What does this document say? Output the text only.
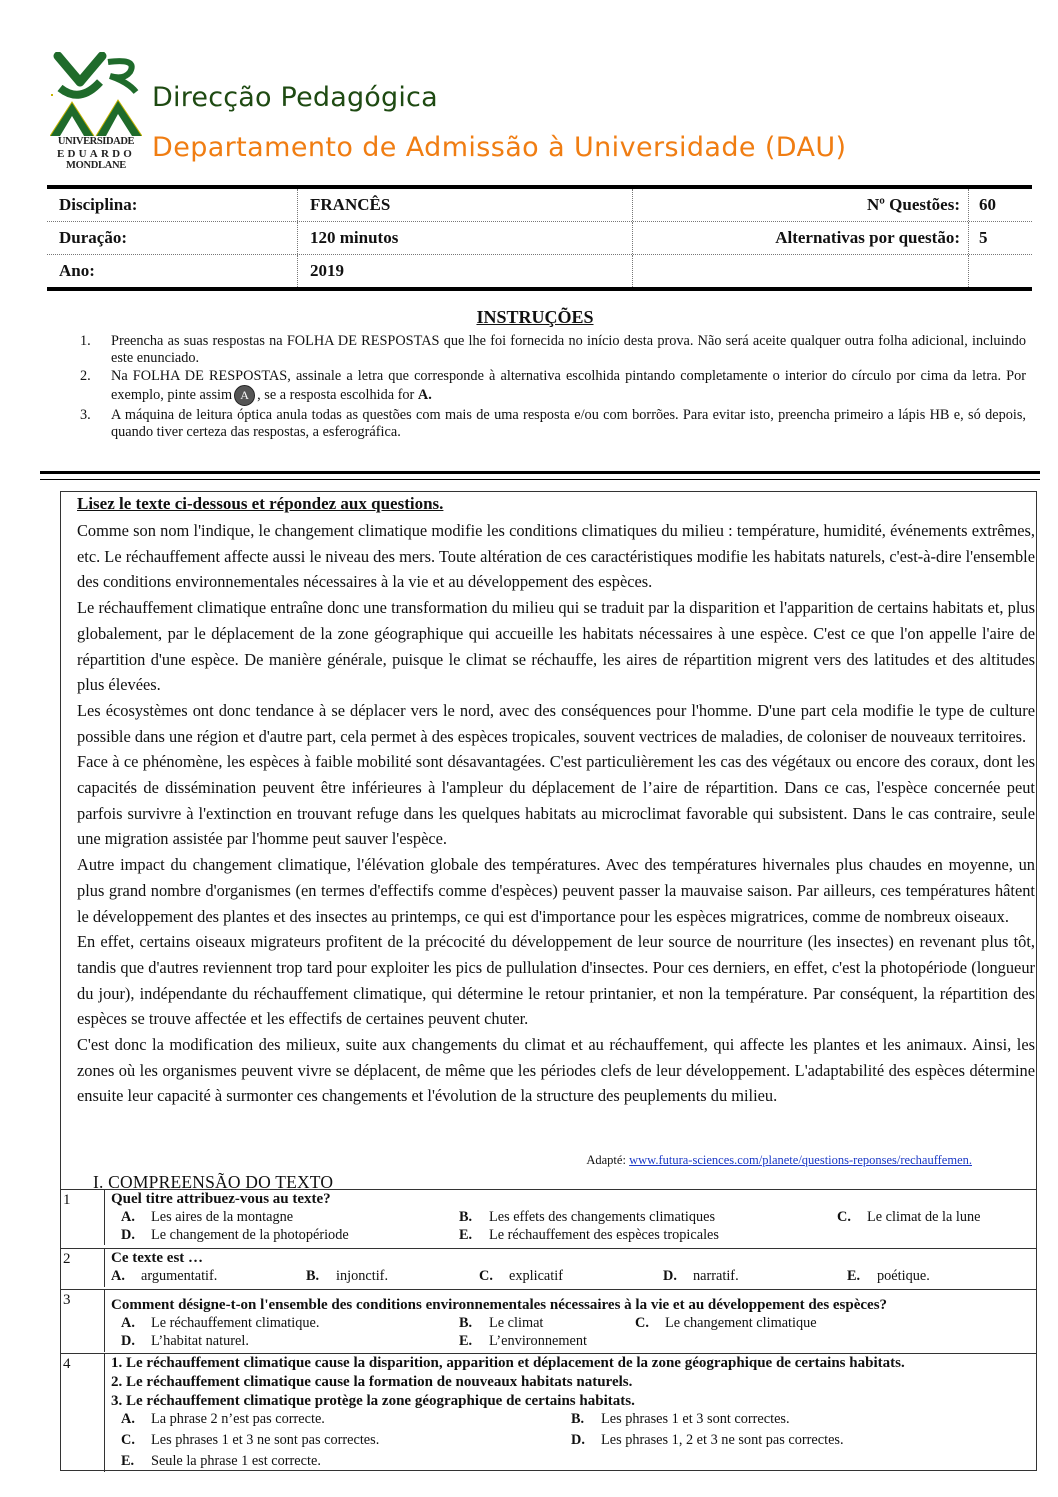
UNIVERSIDADE
EDUARDO
MONDLANE
Direcção Pedagógica
Departamento de Admissão à Universidade (DAU)
Disciplina:	FRANCÊS	Nº Questões:	60
Duração:	120 minutos	Alternativas por questão:	5
Ano:	2019
INSTRUÇÕES
1.	Preencha as suas respostas na FOLHA DE RESPOSTAS que lhe foi fornecida no início desta prova. Não será aceite qualquer outra folha adicional, incluindo este enunciado.
2.	Na FOLHA DE RESPOSTAS, assinale a letra que corresponde à alternativa escolhida pintando completamente o interior do círculo por cima da letra. Por exemplo, pinte assim A , se a resposta escolhida for A.
3.	A máquina de leitura óptica anula todas as questões com mais de uma resposta e/ou com borrões. Para evitar isto, preencha primeiro a lápis HB e, só depois, quando tiver certeza das respostas, a esferográfica.
Lisez le texte ci-dessous et répondez aux questions.

Comme son nom l'indique, le changement climatique modifie les conditions climatiques du milieu : température, humidité, événements extrêmes, etc. Le réchauffement affecte aussi le niveau des mers. Toute altération de ces caractéristiques modifie les habitats naturels, c'est-à-dire l'ensemble des conditions environnementales nécessaires à la vie et au développement des espèces.

Le réchauffement climatique entraîne donc une transformation du milieu qui se traduit par la disparition et l'apparition de certains habitats et, plus globalement, par le déplacement de la zone géographique qui accueille les habitats nécessaires à une espèce. C'est ce que l'on appelle l'aire de répartition d'une espèce. De manière générale, puisque le climat se réchauffe, les aires de répartition migrent vers des latitudes et des altitudes plus élevées.

Les écosystèmes ont donc tendance à se déplacer vers le nord, avec des conséquences pour l'homme. D'une part cela modifie le type de culture possible dans une région et d'autre part, cela permet à des espèces tropicales, souvent vectrices de maladies, de coloniser de nouveaux territoires.

Face à ce phénomène, les espèces à faible mobilité sont désavantagées. C'est particulièrement les cas des végétaux ou encore des coraux, dont les capacités de dissémination peuvent être inférieures à l'ampleur du déplacement de l’aire de répartition. Dans ce cas, l'espèce concernée peut parfois survivre à l'extinction en trouvant refuge dans les quelques habitats au microclimat favorable qui subsistent. Dans le cas contraire, seule une migration assistée par l'homme peut sauver l'espèce.

Autre impact du changement climatique, l'élévation globale des températures. Avec des températures hivernales plus chaudes en moyenne, un plus grand nombre d'organismes (en termes d'effectifs comme d'espèces) peuvent passer la mauvaise saison. Par ailleurs, ces températures hâtent le développement des plantes et des insectes au printemps, ce qui est d'importance pour les espèces migratrices, comme de nombreux oiseaux.

En effet, certains oiseaux migrateurs profitent de la précocité du développement de leur source de nourriture (les insectes) en revenant plus tôt, tandis que d'autres reviennent trop tard pour exploiter les pics de pullulation d'insectes. Pour ces derniers, en effet, c'est la photopériode (longueur du jour), indépendante du réchauffement climatique, qui détermine le retour printanier, et non la température. Par conséquent, la répartition des espèces se trouve affectée et les effectifs de certaines peuvent chuter.

C'est donc la modification des milieux, suite aux changements du climat et au réchauffement, qui affecte les plantes et les animaux. Ainsi, les zones où les organismes peuvent vivre se déplacent, de même que les périodes clefs de leur développement. L'adaptabilité des espèces détermine ensuite leur capacité à surmonter ces changements et l'évolution de la structure des peuplements du milieu.

Adapté: www.futura-sciences.com/planete/questions-reponses/rechauffemen.
I. COMPREENSÃO DO TEXTO
1	Quel titre attribuez-vous au texte?
A. Les aires de la montagne	B. Les effets des changements climatiques	C. Le climat de la lune
D. Le changement de la photopériode	E. Le réchauffement des espèces tropicales
2	Ce texte est …
A. argumentatif.	B. injonctif.	C. explicatif	D. narratif.	E. poétique.
3	Comment désigne-t-on l'ensemble des conditions environnementales nécessaires à la vie et au développement des espèces?
A. Le réchauffement climatique.	B. Le climat	C. Le changement climatique
D. L’habitat naturel.	E. L’environnement
4	1. Le réchauffement climatique cause la disparition, apparition et déplacement de la zone géographique de certains habitats.
2. Le réchauffement climatique cause la formation de nouveaux habitats naturels.
3. Le réchauffement climatique protège la zone géographique de certains habitats.
A. La phrase 2 n’est pas correcte.	B. Les phrases 1 et 3 sont correctes.
C. Les phrases 1 et 3 ne sont pas correctes.	D. Les phrases 1, 2 et 3 ne sont pas correctes.
E. Seule la phrase 1 est correcte.
